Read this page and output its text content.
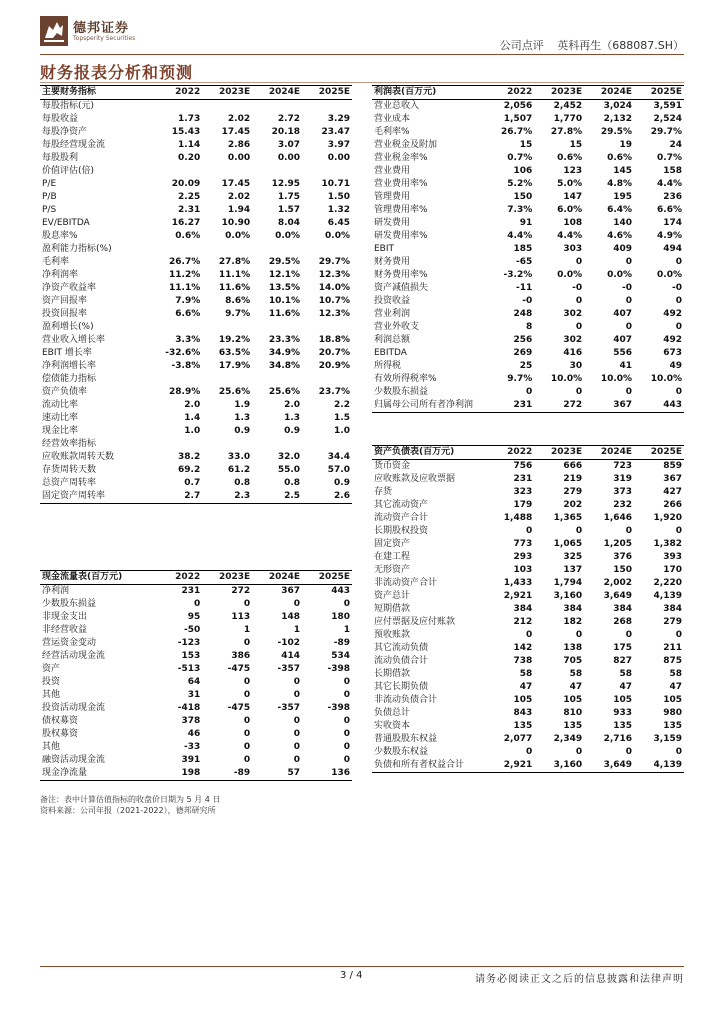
德邦证券
Topsperity Securities
公司点评 英科再生（688087.SH）
财务报表分析和预测
主要财务指标	2022	2023E	2024E	2025E
每股指标(元)				
每股收益	1.73	2.02	2.72	3.29
每股净资产	15.43	17.45	20.18	23.47
每股经营现金流	1.14	2.86	3.07	3.97
每股股利	0.20	0.00	0.00	0.00
价值评估(倍)				
P/E	20.09	17.45	12.95	10.71
P/B	2.25	2.02	1.75	1.50
P/S	2.31	1.94	1.57	1.32
EV/EBITDA	16.27	10.90	8.04	6.45
股息率%	0.6%	0.0%	0.0%	0.0%
盈利能力指标(%)				
毛利率	26.7%	27.8%	29.5%	29.7%
净利润率	11.2%	11.1%	12.1%	12.3%
净资产收益率	11.1%	11.6%	13.5%	14.0%
资产回报率	7.9%	8.6%	10.1%	10.7%
投资回报率	6.6%	9.7%	11.6%	12.3%
盈利增长(%)				
营业收入增长率	3.3%	19.2%	23.3%	18.8%
EBIT 增长率	-32.6%	63.5%	34.9%	20.7%
净利润增长率	-3.8%	17.9%	34.8%	20.9%
偿债能力指标				
资产负债率	28.9%	25.6%	25.6%	23.7%
流动比率	2.0	1.9	2.0	2.2
速动比率	1.4	1.3	1.3	1.5
现金比率	1.0	0.9	0.9	1.0
经营效率指标				
应收账款周转天数	38.2	33.0	32.0	34.4
存货周转天数	69.2	61.2	55.0	57.0
总资产周转率	0.7	0.8	0.8	0.9
固定资产周转率	2.7	2.3	2.5	2.6
现金流量表(百万元)	2022	2023E	2024E	2025E
净利润	231	272	367	443
少数股东损益	0	0	0	0
非现金支出	95	113	148	180
非经营收益	-50	1	1	1
营运资金变动	-123	0	-102	-89
经营活动现金流	153	386	414	534
资产	-513	-475	-357	-398
投资	64	0	0	0
其他	31	0	0	0
投资活动现金流	-418	-475	-357	-398
债权募资	378	0	0	0
股权募资	46	0	0	0
其他	-33	0	0	0
融资活动现金流	391	0	0	0
现金净流量	198	-89	57	136
利润表(百万元)	2022	2023E	2024E	2025E
营业总收入	2,056	2,452	3,024	3,591
营业成本	1,507	1,770	2,132	2,524
毛利率%	26.7%	27.8%	29.5%	29.7%
营业税金及附加	15	15	19	24
营业税金率%	0.7%	0.6%	0.6%	0.7%
营业费用	106	123	145	158
营业费用率%	5.2%	5.0%	4.8%	4.4%
管理费用	150	147	195	236
管理费用率%	7.3%	6.0%	6.4%	6.6%
研发费用	91	108	140	174
研发费用率%	4.4%	4.4%	4.6%	4.9%
EBIT	185	303	409	494
财务费用	-65	0	0	0
财务费用率%	-3.2%	0.0%	0.0%	0.0%
资产减值损失	-11	-0	-0	-0
投资收益	-0	0	0	0
营业利润	248	302	407	492
营业外收支	8	0	0	0
利润总额	256	302	407	492
EBITDA	269	416	556	673
所得税	25	30	41	49
有效所得税率%	9.7%	10.0%	10.0%	10.0%
少数股东损益	0	0	0	0
归属母公司所有者净利润	231	272	367	443
资产负债表(百万元)	2022	2023E	2024E	2025E
货币资金	756	666	723	859
应收账款及应收票据	231	219	319	367
存货	323	279	373	427
其它流动资产	179	202	232	266
流动资产合计	1,488	1,365	1,646	1,920
长期股权投资	0	0	0	0
固定资产	773	1,065	1,205	1,382
在建工程	293	325	376	393
无形资产	103	137	150	170
非流动资产合计	1,433	1,794	2,002	2,220
资产总计	2,921	3,160	3,649	4,139
短期借款	384	384	384	384
应付票据及应付账款	212	182	268	279
预收账款	0	0	0	0
其它流动负债	142	138	175	211
流动负债合计	738	705	827	875
长期借款	58	58	58	58
其它长期负债	47	47	47	47
非流动负债合计	105	105	105	105
负债总计	843	810	933	980
实收资本	135	135	135	135
普通股股东权益	2,077	2,349	2,716	3,159
少数股东权益	0	0	0	0
负债和所有者权益合计	2,921	3,160	3,649	4,139
备注：表中计算估值指标的收盘价日期为 5 月 4 日
资料来源：公司年报（2021-2022），德邦研究所
3 / 4	请务必阅读正文之后的信息披露和法律声明
